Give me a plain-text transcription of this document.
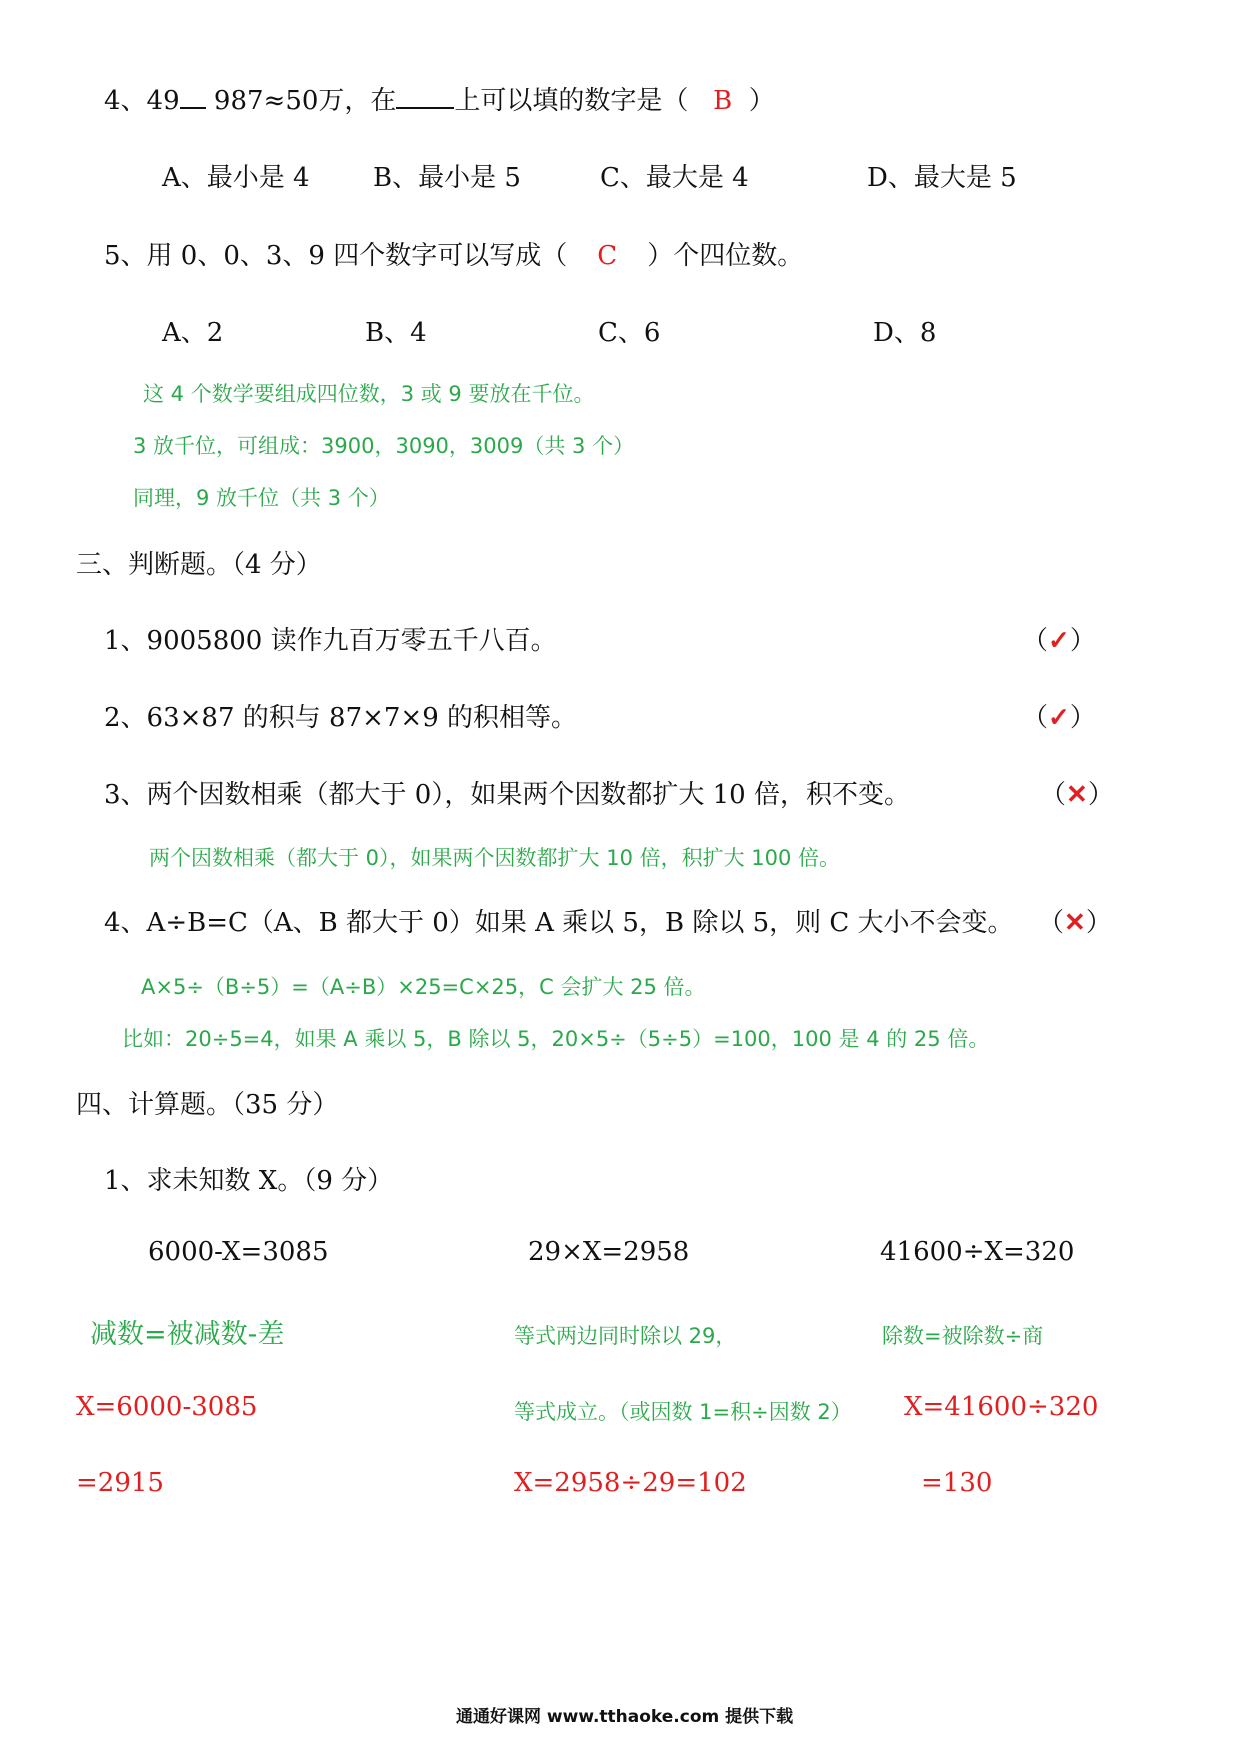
4、49 987≈50万，在 上可以填的数字是（ B ）
A、最小是 4 B、最小是 5	C、最大是 4	D、最大是 5
5、用 0、0、3、9 四个数字可以写成（ C ）个四位数。
A、2	B、4	C、6	D、8
这 4 个数学要组成四位数，3 或 9 要放在千位。
3 放千位，可组成：3900，3090，3009（共 3 个）
同理，9 放千位（共 3 个）
三、判断题。（4 分）
1、9005800 读作九百万零五千八百。	（✓）
2、63×87 的积与 87×7×9 的积相等。	（✓）
3、两个因数相乘（都大于 0），如果两个因数都扩大 10 倍，积不变。	（✕）
两个因数相乘（都大于 0），如果两个因数都扩大 10 倍，积扩大 100 倍。
4、A÷B=C（A、B 都大于 0）如果 A 乘以 5，B 除以 5，则 C 大小不会变。 （✕）
A×5÷（B÷5）=（A÷B）×25=C×25，C 会扩大 25 倍。
比如：20÷5=4，如果 A 乘以 5，B 除以 5，20×5÷（5÷5）=100，100 是 4 的 25 倍。
四、计算题。（35 分）
1、求未知数 X。（9 分）
6000-X=3085	29×X=2958	41600÷X=320
减数=被减数-差	等式两边同时除以 29，	除数=被除数÷商
X=6000-3085	等式成立。（或因数 1=积÷因数 2） X=41600÷320
=2915	X=2958÷29=102	=130
通通好课网 www.tthaoke.com 提供下载
